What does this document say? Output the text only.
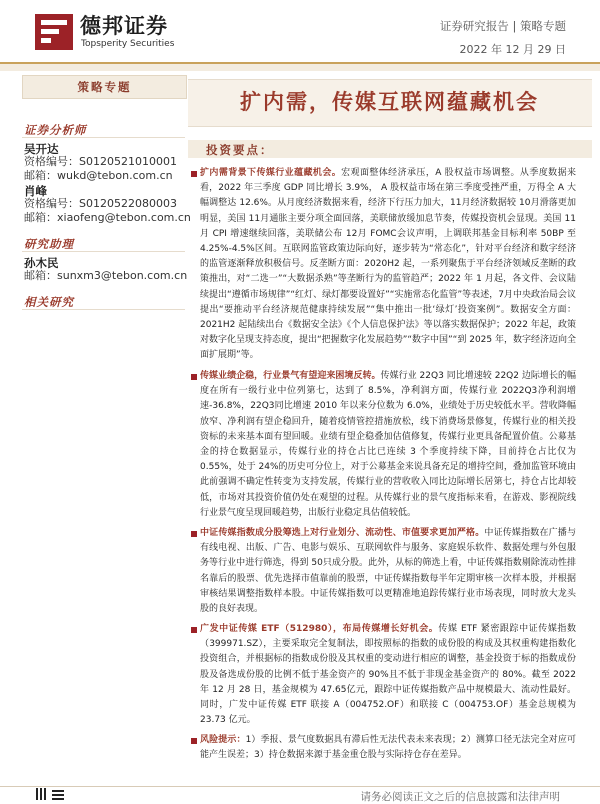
德邦证券
Topsperity Securities
证券研究报告 | 策略专题
2022 年 12 月 29 日
策略专题
证券分析师
吴开达
资格编号：S0120521010001
邮箱：wukd@tebon.com.cn
肖峰
资格编号：S0120522080003
邮箱：xiaofeng@tebon.com.cn
研究助理
孙木民
邮箱：sunxm3@tebon.com.cn
相关研究
扩内需，传媒互联网蕴藏机会
投资要点：
扩内需背景下传媒行业蕴藏机会。宏观面整体经济承压，A 股权益市场调整。从季度数据来看，2022 年三季度 GDP 同比增长 3.9%， A 股权益市场在第三季度受挫严重，万得全 A 大幅调整达 12.6%。从月度经济数据来看，经济下行压力加大，11月经济数据较 10月滑落更加明显，美国 11月通胀主要分项全面回落，美联储放缓加息节奏，传媒投资机会显现。美国 11 月 CPI 增速继续回落，美联储公布 12月 FOMC会议声明，上调联邦基金目标利率 50BP 至 4.25%-4.5%区间。互联网监管政策边际向好，逐步转为“常态化”，针对平台经济和数字经济的监管逐渐释放积极信号。反垄断方面：2020H2 起，一系列聚焦于平台经济领域反垄断的政策推出，对“二选一”“大数据杀熟”等垄断行为的监管趋严；2022 年 1 月起，各文件、会议陆续提出“遵循市场规律”“红灯、绿灯都要设置好”“实施常态化监管”等表述，7月中央政治局会议提出“要推动平台经济规范健康持续发展”“集中推出一批‘绿灯’投资案例”。数据安全方面：2021H2 起陆续出台《数据安全法》《个人信息保护法》等以落实数据保护；2022 年起，政策对数字化呈现支持态度，提出“把握数字化发展趋势”“数字中国”“到 2025 年，数字经济迈向全面扩展期”等。
传媒业绩企稳，行业景气有望迎来困境反转。传媒行业 22Q3 同比增速较 22Q2 边际增长的幅度在所有一级行业中位列第七，达到了 8.5%，净利润方面，传媒行业 2022Q3净利润增速-36.8%，22Q3同比增速 2010 年以来分位数为 6.0%，业绩处于历史较低水平。营收降幅放窄、净利润有望企稳回升，随着疫情管控措施放松，线下消费场景修复，传媒行业的相关投资标的未来基本面有望回暖。业绩有望企稳叠加估值修复，传媒行业更具备配置价值。公募基金的持仓数据显示，传媒行业的持仓占比已连续 3 个季度持续下降，目前持仓占比仅为 0.55%，处于 24%的历史可分位上，对于公募基金来说具备充足的增持空间，叠加监管环境由此前强调不确定性转变为支持发展，传媒行业的营收收入同比边际增长居第七，持仓占比却较低，市场对其投资价值仍处在观望的过程。从传媒行业的景气度指标来看，在游戏、影视院线行业景气度呈现回暖趋势，出版行业稳定具估值较低。
中证传媒指数成分股筹选上对行业划分、流动性、市值要求更加严格。中证传媒指数在广播与有线电视、出版、广告、电影与娱乐、互联网软件与服务、家庭娱乐软件、数据处理与外包服务等行业中进行筛选，得到 50只成分股。此外，从标的筛选上看，中证传媒指数剔除流动性排名靠后的股票、优先选择市值靠前的股票，中证传媒指数每半年定期审核一次样本股，并根据审核结果调整指数样本股。中证传媒指数可以更精准地追踪传媒行业市场表现，同时放大龙头股的良好表现。
广发中证传媒 ETF（512980），布局传媒增长好机会。传媒 ETF 紧密跟踪中证传媒指数（399971.SZ），主要采取完全复制法，即按照标的指数的成份股的构成及其权重构建指数化投资组合，并根据标的指数成份股及其权重的变动进行相应的调整，基金投资于标的指数成份股及备选成份股的比例不低于基金资产的 90%且不低于非现金基金资产的 80%。截至 2022 年 12 月 28 日，基金规模为 47.65亿元，跟踪中证传媒指数产品中规模最大、流动性最好。同时，广发中证传媒 ETF 联接 A（004752.OF）和联接 C（004753.OF）基金总规模为 23.73 亿元。
风险提示：1）季报、景气度数据具有滞后性无法代表未来表现；2）测算口径无法完全对应可能产生误差；3）持仓数据来源于基金重仓股与实际持仓存在差异。
请务必阅读正文之后的信息披露和法律声明
